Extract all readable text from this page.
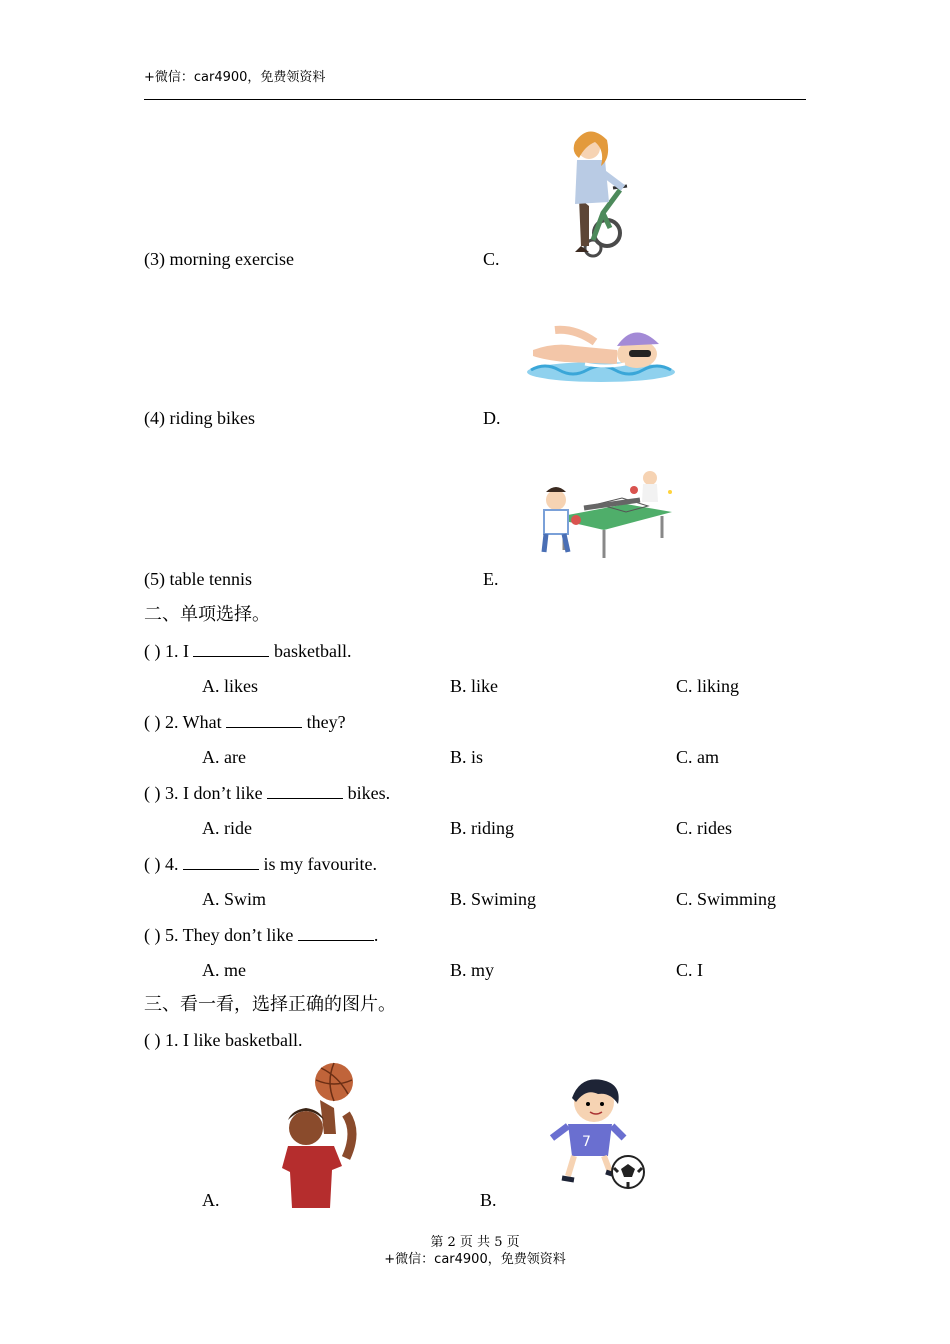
+微信：car4900，免费领资料
(3) morning exercise	C.
(4) riding bikes	D.
(5) table tennis	E.
二、单项选择。
( ) 1. I	basketball.
A. likes	B. like	C. liking
( ) 2. What	they?
A. are	B. is	C. am
( ) 3. I don’t like	bikes.
A. ride	B. riding	C. rides
( ) 4.	is my favourite.
A. Swim	B. Swiming	C. Swimming
( ) 5. They don’t like	.
A. me	B. my	C. I
三、看一看，选择正确的图片。
( ) 1. I like basketball.
7
A.	B.
第 2 页 共 5 页
+微信：car4900，免费领资料
